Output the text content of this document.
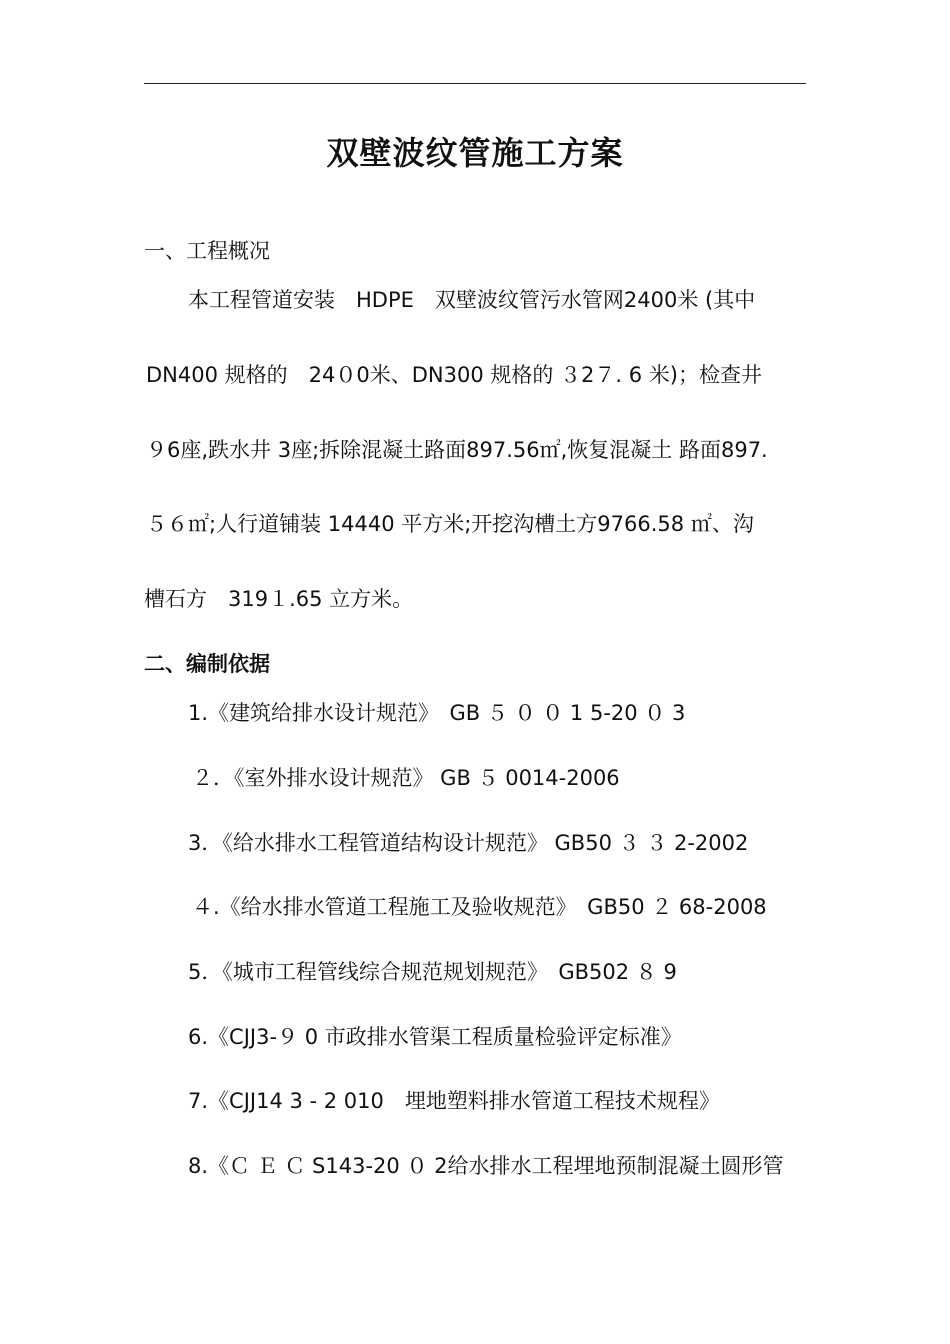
双壁波纹管施工方案
一、工程概况
本工程管道安装　HDPE　双壁波纹管污水管网2400米 (其中
DN400 规格的　24０0米、DN300 规格的 ３2７. 6 米)；检查井
９6座,跌水井 3座;拆除混凝土路面897.56㎡,恢复混凝土 路面897.
５６㎡;人行道铺装 14440 平方米;开挖沟槽土方9766.58 ㎡、沟
槽石方　319１.65 立方米。
二、编制依据
1.《建筑给排水设计规范》　GB ５ ０ ０ 1 5-20 ０ 3
２．《室外排水设计规范》 GB ５ 0014-2006
3．《给水排水工程管道结构设计规范》 GB50 ３ ３ 2-2002
４.《给水排水管道工程施工及验收规范》　GB50 ２ 68-2008
5．《城市工程管线综合规范规划规范》　GB502 ８ 9
6.《CJJ3-９ 0 市政排水管渠工程质量检验评定标准》
7.《CJJ14 3 - 2 010　埋地塑料排水管道工程技术规程》
8.《Ｃ Ｅ Ｃ S143-20 ０ 2给水排水工程埋地预制混凝土圆形管
